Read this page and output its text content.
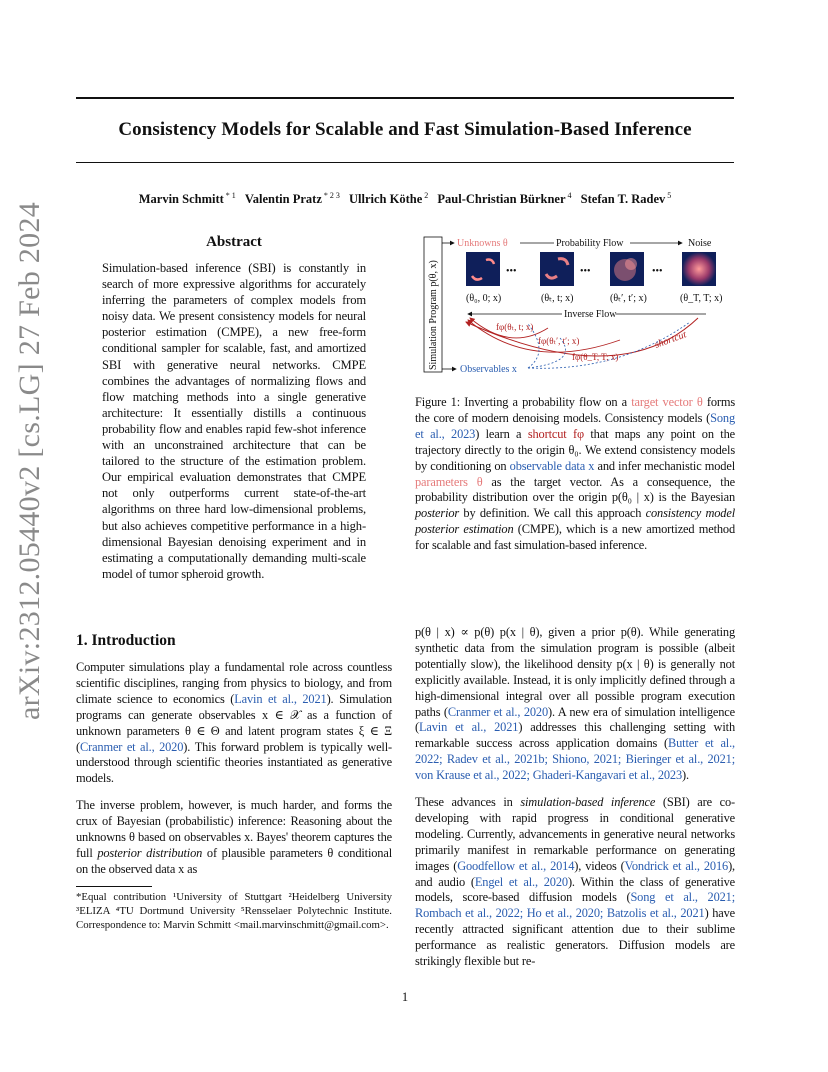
Consistency Models for Scalable and Fast Simulation-Based Inference
Marvin Schmitt $^{* 1}$ Valentin Pratz $^{* 2 3}$ Ullrich Köthe $^2$ Paul-Christian Bürkner $^4$ Stefan T. Radev $^5$
arXiv:2312.05440v2 [cs.LG] 27 Feb 2024	Abstract

Simulation-based inference (SBI) is constantly in search of more expressive algorithms for accurately inferring the parameters of complex models from noisy data. We present consistency models for neural posterior estimation (CMPE), a new free-form conditional sampler for scalable, fast, and amortized SBI with generative neural networks. CMPE combines the advantages of normalizing flows and flow matching methods into a single generative architecture: It essentially distills a continuous probability flow and enables rapid few-shot inference with an unconstrained architecture that can be tailored to the structure of the estimation problem. Our empirical evaluation demonstrates that CMPE not only outperforms current state-of-the-art algorithms on three hard low-dimensional problems, but also achieves competitive performance in a high-dimensional Bayesian denoising experiment and in estimating a computationally demanding multi-scale model of tumor spheroid growth.

Simulation Program p(θ, x)
Unknowns θ	Probability Flow	Noise
•••	•••	•••
(θ₀, 0; x)	(θₜ, t; x)	(θₜ′, t′; x)	(θ_T, T; x)
Inverse Flow
fφ(θₜ, t; x)
fφ(θₜ′, t′; x)
fφ(θ_T, T; x)
shortcut
Observables x

Figure 1: Inverting a probability flow on a target vector θ forms the core of modern denoising models. Consistency models (Song et al., 2023) learn a shortcut fφ that maps any point on the trajectory directly to the origin θ₀. We extend consistency models by conditioning on observable data x and infer mechanistic model parameters θ as the target vector. As a consequence, the probability distribution over the origin p(θ₀ | x) is the Bayesian posterior by definition. We call this approach consistency model posterior estimation (CMPE), which is a new amortized method for scalable and fast simulation-based inference.

1. Introduction

Computer simulations play a fundamental role across countless scientific disciplines, ranging from physics to biology, and from climate science to economics (Lavin et al., 2021). Simulation programs can generate observables x ∈ 𝒳 as a function of unknown parameters θ ∈ Θ and latent program states ξ ∈ Ξ (Cranmer et al., 2020). This forward problem is typically well-understood through scientific theories instantiated as generative models.

The inverse problem, however, is much harder, and forms the crux of Bayesian (probabilistic) inference: Reasoning about the unknowns θ based on observables x. Bayes' theorem captures the full posterior distribution of plausible parameters θ conditional on the observed data x as

*Equal contribution ¹University of Stuttgart ²Heidelberg University ³ELIZA ⁴TU Dortmund University ⁵Rensselaer Polytechnic Institute. Correspondence to: Marvin Schmitt <mail.marvinschmitt@gmail.com>.

p(θ | x) ∝ p(θ) p(x | θ), given a prior p(θ). While generating synthetic data from the simulation program is possible (albeit potentially slow), the likelihood density p(x | θ) is generally not explicitly available. Instead, it is only implicitly defined through a high-dimensional integral over all possible program execution paths (Cranmer et al., 2020). A new era of simulation intelligence (Lavin et al., 2021) addresses this challenging setting with remarkable success across application domains (Butter et al., 2022; Radev et al., 2021b; Shiono, 2021; Bieringer et al., 2021; von Krause et al., 2022; Ghaderi-Kangavari et al., 2023).

These advances in simulation-based inference (SBI) are co-developing with rapid progress in conditional generative modeling. Currently, advancements in generative neural networks primarily manifest in remarkable performance on generating images (Goodfellow et al., 2014), videos (Vondrick et al., 2016), and audio (Engel et al., 2020). Within the class of generative models, score-based diffusion models (Song et al., 2021; Rombach et al., 2022; Ho et al., 2020; Batzolis et al., 2021) have recently attracted significant attention due to their sublime performance as realistic generators. Diffusion models are strikingly flexible but re-

1
